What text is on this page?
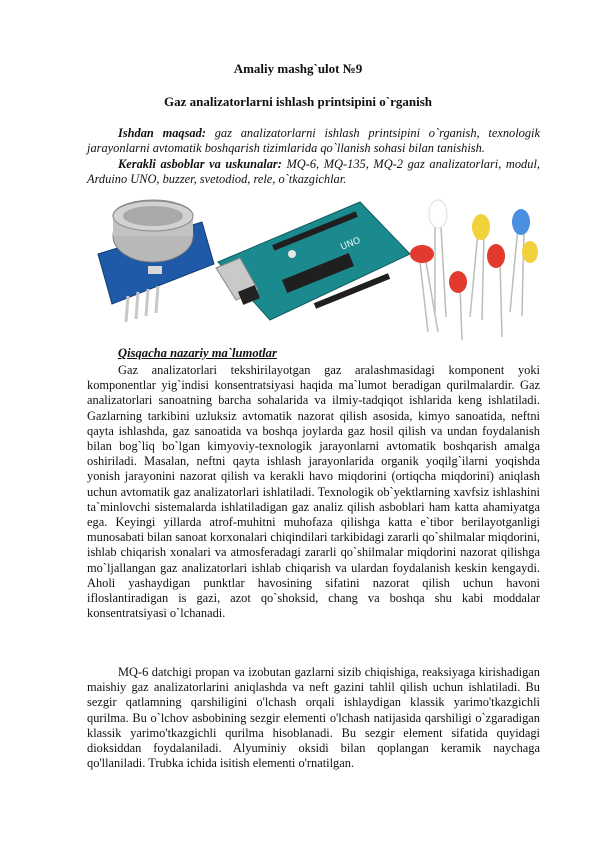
Amaliy mashg`ulot №9
Gaz analizatorlarni ishlash printsipini o`rganish
Ishdan maqsad: gaz analizatorlarni ishlash printsipini o`rganish, texnologik jarayonlarni avtomatik boshqarish tizimlarida qo`llanish sohasi bilan tanishish.
Kerakli asboblar va uskunalar: MQ-6, MQ-135, MQ-2 gaz analizatorlari, modul, Arduino UNO, buzzer, svetodiod, rele, o`tkazgichlar.
UNO
Qisqacha nazariy ma`lumotlar
Gaz analizatorlari tekshirilayotgan gaz aralashmasidagi komponent yoki komponentlar yig`indisi konsentratsiyasi haqida ma`lumot beradigan qurilmalardir. Gaz analizatorlari sanoatning barcha sohalarida va ilmiy-tadqiqot ishlarida keng ishlatiladi. Gazlarning tarkibini uzluksiz avtomatik nazorat qilish asosida, kimyo sanoatida, neftni qayta ishlashda, gaz sanoatida va boshqa joylarda gaz hosil qilish va undan foydalanish bilan bog`liq bo`lgan kimyoviy-texnologik jarayonlarni avtomatik boshqarish amalga oshiriladi. Masalan, neftni qayta ishlash jarayonlarida organik yoqilg`ilarni yoqishda yonish jarayonini nazorat qilish va kerakli havo miqdorini (ortiqcha miqdorini) aniqlash uchun avtomatik gaz analizatorlari ishlatiladi. Texnologik ob`yektlarning xavfsiz ishlashini ta`minlovchi sistemalarda ishlatiladigan gaz analiz qilish asboblari ham katta ahamiyatga ega. Keyingi yillarda atrof-muhitni muhofaza qilishga katta e`tibor berilayotganligi munosabati bilan sanoat korxonalari chiqindilari tarkibidagi zararli qo`shilmalar miqdorini, ishlab chiqarish xonalari va atmosferadagi zararli qo`shilmalar miqdorini nazorat qilishga mo`ljallangan gaz analizatorlari ishlab chiqarish va ulardan foydalanish keskin kengaydi. Aholi yashaydigan punktlar havosining sifatini nazorat qilish uchun havoni ifloslantiradigan is gazi, azot qo`shoksid, chang va boshqa shu kabi moddalar konsentratsiyasi o`lchanadi.
MQ-6 datchigi propan va izobutan gazlarni sizib chiqishiga, reaksiyaga kirishadigan maishiy gaz analizatorlarini aniqlashda va neft gazini tahlil qilish uchun ishlatiladi. Bu sezgir qatlamning qarshiligini o'lchash orqali ishlaydigan klassik yarimo'tkazgichli qurilma. Bu o`lchov asbobining sezgir elementi o'lchash natijasida qarshiligi o`zgaradigan klassik yarimo'tkazgichli qurilma hisoblanadi. Bu sezgir element sifatida quyidagi dioksiddan foydalaniladi. Alyuminiy oksidi bilan qoplangan keramik naychaga qo'llaniladi. Trubka ichida isitish elementi o'rnatilgan.
